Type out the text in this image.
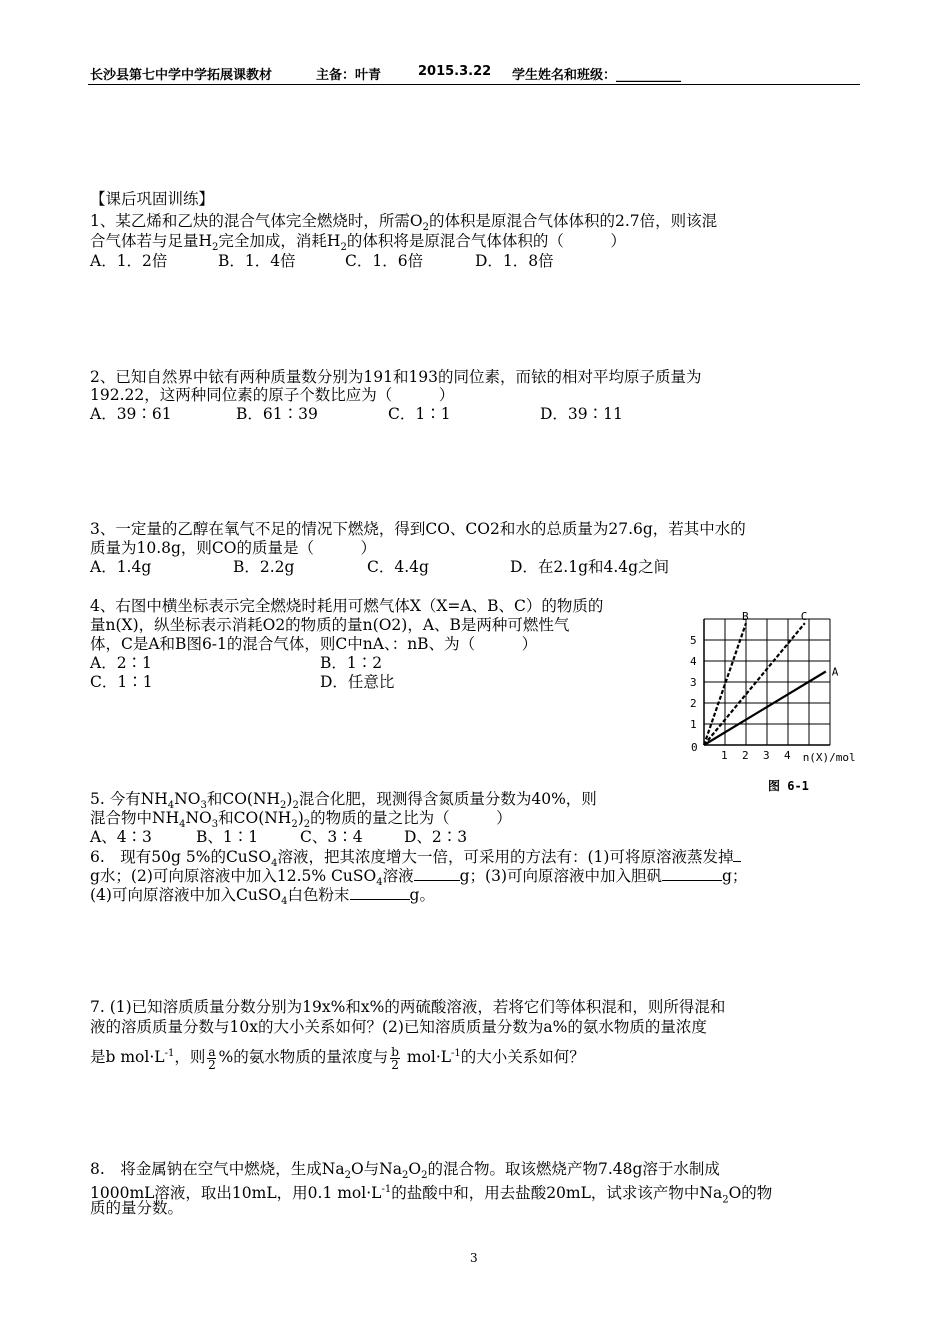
长沙县第七中学中学拓展课教材	主备：叶青	2015.3.22 学生姓名和班级：__________
【课后巩固训练】
1、某乙烯和乙炔的混合气体完全燃烧时，所需$O_2$的体积是原混合气体体积的2.7倍，则该混
合气体若与足量$H_2$完全加成，消耗$H_2$的体积将是原混合气体体积的（　　　）
A．1．2倍	B．1．4倍	C．1．6倍	D．1．8倍
2、已知自然界中铱有两种质量数分别为191和193的同位素，而铱的相对平均原子质量为
192.22，这两种同位素的原子个数比应为（　　　）
A．39∶61	B．61∶39	C．1∶1	D．39∶11
3、一定量的乙醇在氧气不足的情况下燃烧，得到CO、CO2和水的总质量为27.6g，若其中水的
质量为10.8g，则CO的质量是（　　　）
A．1.4g	B．2.2g	C．4.4g	D．在2.1g和4.4g之间
4、右图中横坐标表示完全燃烧时耗用可燃气体X（X=A、B、C）的物质的
量n(X)，纵坐标表示消耗O2的物质的量n(O2)，A、B是两种可燃性气
体，C是A和B图6-1的混合气体，则C中nA、：nB、为（　　　）
A．2∶1	B．1∶2
C．1∶1	D．任意比
B	C
A
1 2 3 4
1
2
3
4
5
0
n(X)/mol
图 6-1
5. 今有$NH_4NO_3$和$CO(NH_2)_2$混合化肥，现测得含氮质量分数为40%，则
混合物中$NH_4NO_3$和$CO(NH_2)_2$的物质的量之比为（　　　）
A、4∶3	B、1∶1	C、3∶4	D、2∶3
6.　现有50g 5%的CuSO$_4$溶液，把其浓度增大一倍，可采用的方法有：(1)可将原溶液蒸发掉
g水；(2)可向原溶液中加入12.5% CuSO$_4$溶液	g；(3)可向原溶液中加入胆矾	g；
(4)可向原溶液中加入CuSO$_4$白色粉末	g。
7. (1)已知溶质质量分数分别为19x%和x%的两硫酸溶液，若将它们等体积混和，则所得混和
液的溶质质量分数与10x的大小关系如何？(2)已知溶质质量分数为a%的氨水物质的量浓度
是b $mol\cdot L^{-1}$，则 $\frac{a}{2}$ %的氨水物质的量浓度与 $\frac{b}{2} mol\cdot L^{-1}$的大小关系如何？
8.　将金属钠在空气中燃烧，生成$Na_2O$与$Na_2O_2$的混合物。取该燃烧产物7.48g溶于水制成
1000mL溶液，取出10mL，用0.1 $mol\cdot L^{-1}$的盐酸中和，用去盐酸20mL，试求该产物中$Na_2O$的物
质的量分数。
3
